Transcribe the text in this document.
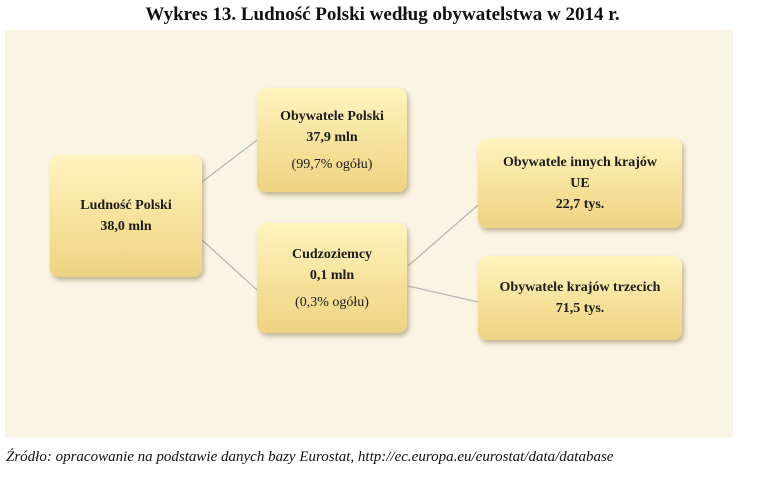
Wykres 13. Ludność Polski według obywatelstwa w 2014 r.
Ludność Polski
38,0 mln
Obywatele Polski
37,9 mln
(99,7% ogółu)
Cudzoziemcy
0,1 mln
(0,3% ogółu)
Obywatele innych krajów
UE
22,7 tys.
Obywatele krajów trzecich
71,5 tys.
Źródło: opracowanie na podstawie danych bazy Eurostat, http://ec.europa.eu/eurostat/data/database
